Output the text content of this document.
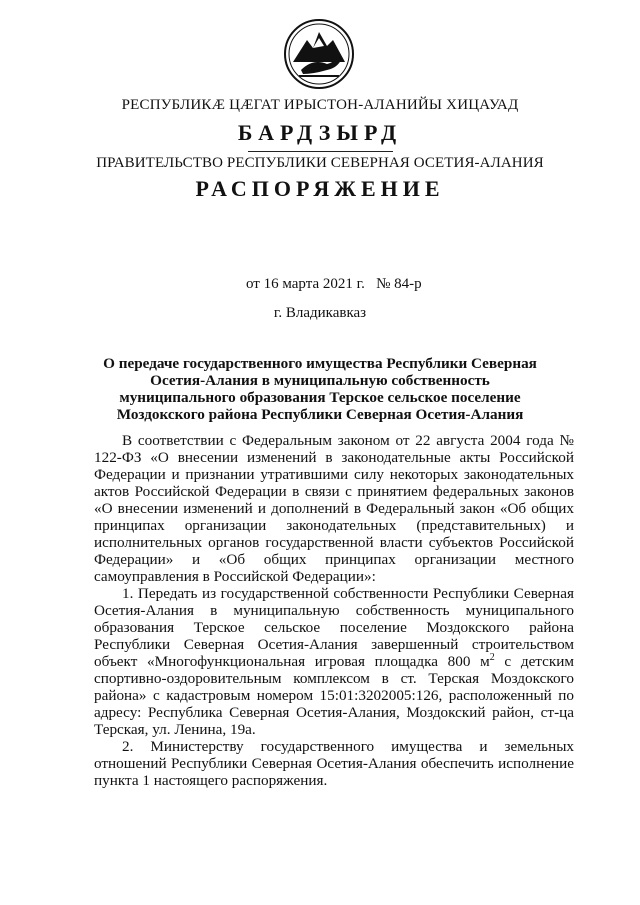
РЕСПУБЛИКӔ ЦӔГАТ ИРЫСТОН-АЛАНИЙЫ ХИЦАУАД
БАРДЗЫРД
ПРАВИТЕЛЬСТВО РЕСПУБЛИКИ СЕВЕРНАЯ ОСЕТИЯ-АЛАНИЯ
РАСПОРЯЖЕНИЕ
от 16 марта 2021 г.   № 84-р
г. Владикавказ
О передаче государственного имущества Республики Северная Осетия-Алания в муниципальную собственность муниципального образования Терское сельское поселение Моздокского района Республики Северная Осетия-Алания

В соответствии с Федеральным законом от 22 августа 2004 года № 122-ФЗ «О внесении изменений в законодательные акты Российской Федерации и признании утратившими силу некоторых законодательных актов Российской Федерации в связи с принятием федеральных законов «О внесении изменений и дополнений в Федеральный закон «Об общих принципах организации законодательных (представительных) и исполнительных органов государственной власти субъектов Российской Федерации» и «Об общих принципах организации местного самоуправления в Российской Федерации»:

1. Передать из государственной собственности Республики Северная Осетия-Алания в муниципальную собственность муниципального образования Терское сельское поселение Моздокского района Республики Северная Осетия-Алания завершенный строительством объект «Многофункциональная игровая площадка 800 $м^2$ с детским спортивно-оздоровительным комплексом в ст. Терская Моздокского района» с кадастровым номером 15:01:3202005:126, расположенный по адресу: Республика Северная Осетия-Алания, Моздокский район, ст-ца Терская, ул. Ленина, 19а.

2. Министерству государственного имущества и земельных отношений Республики Северная Осетия-Алания обеспечить исполнение пункта 1 настоящего распоряжения.
